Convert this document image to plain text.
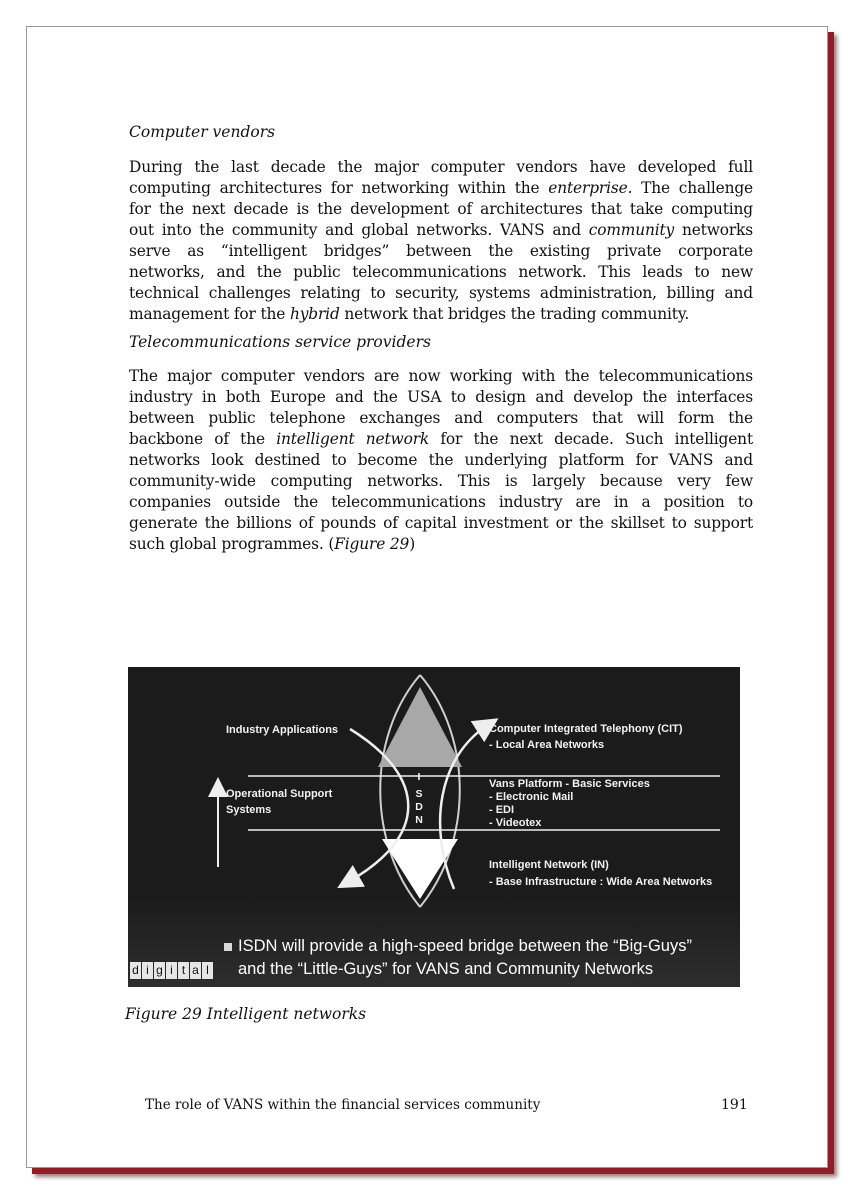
Computer vendors
During the last decade the major computer vendors have developed full
computing architectures for networking within the enterprise. The challenge
for the next decade is the development of architectures that take computing
out into the community and global networks. VANS and community networks
serve as “intelligent bridges” between the existing private corporate
networks, and the public telecommunications network. This leads to new
technical challenges relating to security, systems administration, billing and
management for the hybrid network that bridges the trading community.
Telecommunications service providers
The major computer vendors are now working with the telecommunications
industry in both Europe and the USA to design and develop the interfaces
between public telephone exchanges and computers that will form the
backbone of the intelligent network for the next decade. Such intelligent
networks look destined to become the underlying platform for VANS and
community-wide computing networks. This is largely because very few
companies outside the telecommunications industry are in a position to
generate the billions of pounds of capital investment or the skillset to support
such global programmes. (Figure 29)
Industry Applications
Operational Support
Systems
Computer Integrated Telephony (CIT)
- Local Area Networks
Vans Platform - Basic Services
- Electronic Mail
- EDI
- Videotex
Intelligent Network (IN)
- Base Infrastructure : Wide Area Networks
I
S
D
N
ISDN will provide a high-speed bridge between the “Big-Guys”
and the “Little-Guys” for VANS and Community Networks
d i g i t a l
Figure 29 Intelligent networks
The role of VANS within the financial services community	191
